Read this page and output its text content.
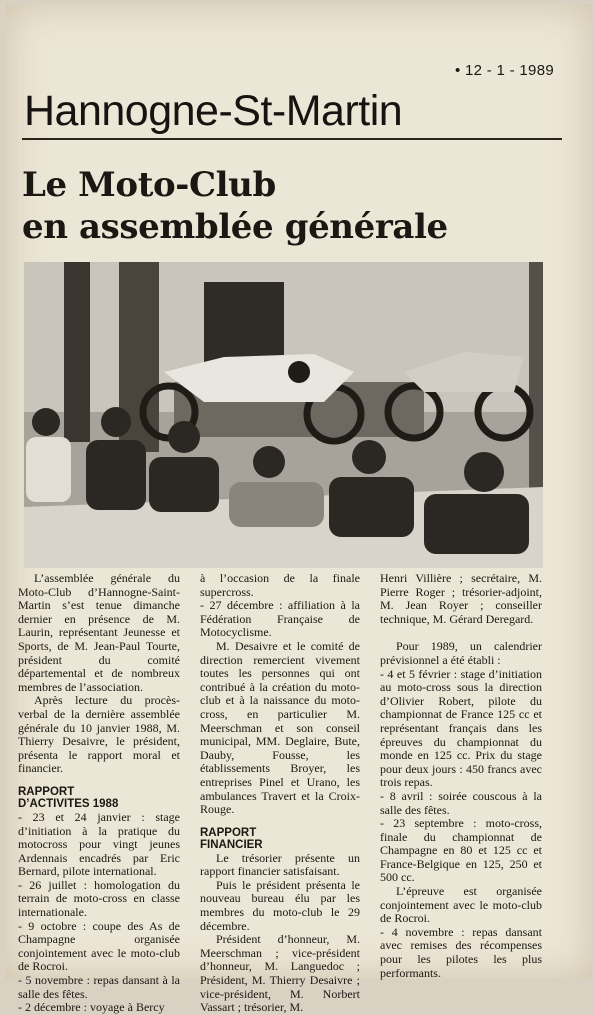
• 12 - 1 - 1989
Hannogne-St-Martin
Le Moto-Club
en assemblée générale

L’assemblée générale du Moto-Club d’Hannogne-Saint-Martin s’est tenue dimanche dernier en présence de M. Laurin, représentant Jeunesse et Sports, de M. Jean-Paul Tourte, président du comité départemental et de nombreux membres de l’association.

Après lecture du procès-verbal de la dernière assemblée générale du 10 janvier 1988, M. Thierry Desaivre, le président, présenta le rapport moral et financier.

RAPPORT
D’ACTIVITES 1988

- 23 et 24 janvier : stage d’initiation à la pratique du motocross pour vingt jeunes Ardennais encadrés par Eric Bernard, pilote international.

- 26 juillet : homologation du terrain de moto-cross en classe internationale.

- 9 octobre : coupe des As de Champagne organisée conjointement avec le moto-club de Rocroi.

- 5 novembre : repas dansant à la salle des fêtes.

- 2 décembre : voyage à Bercy

à l’occasion de la finale supercross.

- 27 décembre : affiliation à la Fédération Française de Motocyclisme.

M. Desaivre et le comité de direction remercient vivement toutes les personnes qui ont contribué à la création du moto-club et à la naissance du moto-cross, en particulier M. Meerschman et son conseil municipal, MM. Deglaire, Bute, Dauby, Fousse, les établissements Broyer, les entreprises Pinel et Urano, les ambulances Travert et la Croix-Rouge.

RAPPORT
FINANCIER

Le trésorier présente un rapport financier satisfaisant.

Puis le président présenta le nouveau bureau élu par les membres du moto-club le 29 décembre.

Président d’honneur, M. Meerschman ; vice-président d’honneur, M. Languedoc ; Président, M. Thierry Desaivre ; vice-président, M. Norbert Vassart ; trésorier, M.

Henri Villière ; secrétaire, M. Pierre Roger ; trésorier-adjoint, M. Jean Royer ; conseiller technique, M. Gérard Deregard.

Pour 1989, un calendrier prévisionnel a été établi :

- 4 et 5 février : stage d’initiation au moto-cross sous la direction d’Olivier Robert, pilote du championnat de France 125 cc et représentant français dans les épreuves du championnat du monde en 125 cc. Prix du stage pour deux jours : 450 francs avec trois repas.

- 8 avril : soirée couscous à la salle des fêtes.

- 23 septembre : moto-cross, finale du championnat de Champagne en 80 et 125 cc et France-Belgique en 125, 250 et 500 cc.

L’épreuve est organisée conjointement avec le moto-club de Rocroi.

- 4 novembre : repas dansant avec remises des récompenses pour les pilotes les plus performants.
